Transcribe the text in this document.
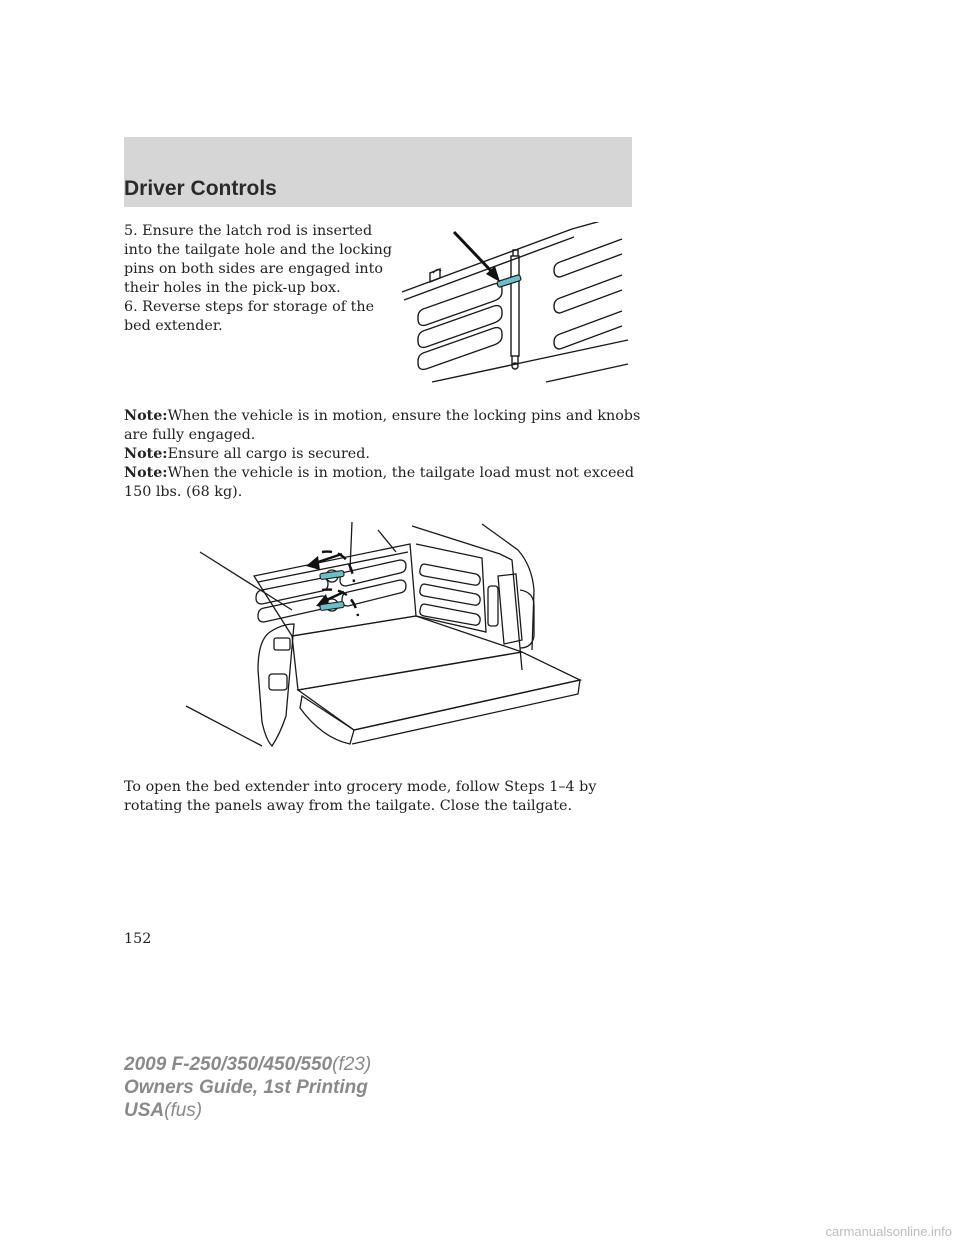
Driver Controls
5. Ensure the latch rod is inserted into the tailgate hole and the locking pins on both sides are engaged into their holes in the pick-up box.
6. Reverse steps for storage of the bed extender.
Note:When the vehicle is in motion, ensure the locking pins and knobs are fully engaged.
Note:Ensure all cargo is secured.
Note:When the vehicle is in motion, the tailgate load must not exceed 150 lbs. (68 kg).
To open the bed extender into grocery mode, follow Steps 1–4 by rotating the panels away from the tailgate. Close the tailgate.
152
2009 F-250/350/450/550(f23)
Owners Guide, 1st Printing
USA(fus)
carmanualsonline.info
